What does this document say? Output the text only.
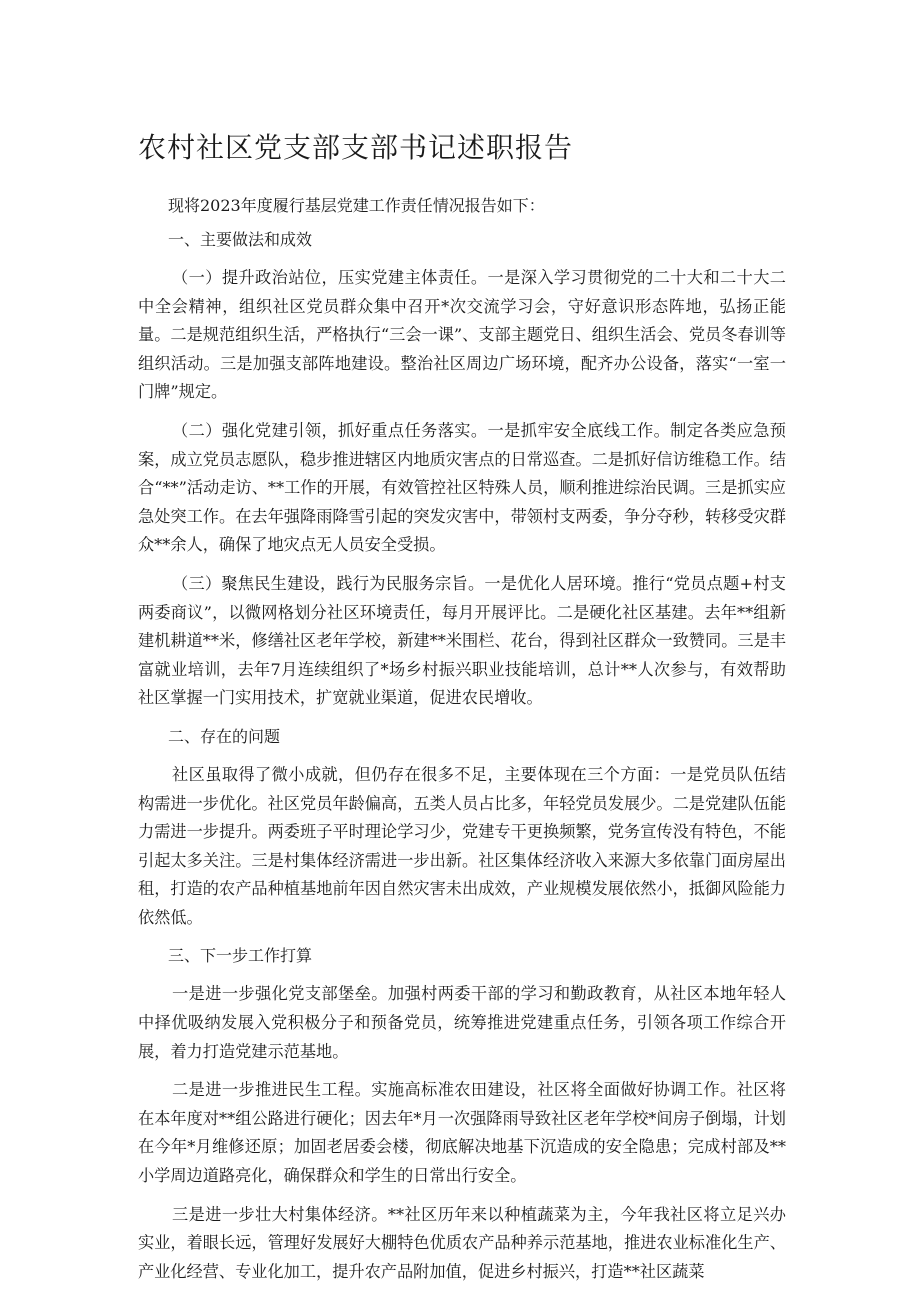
农村社区党支部支部书记述职报告

现将2023年度履行基层党建工作责任情况报告如下：

一、主要做法和成效

（一）提升政治站位，压实党建主体责任。一是深入学习贯彻党的二十大和二十大二中全会精神，组织社区党员群众集中召开*次交流学习会，守好意识形态阵地，弘扬正能量。二是规范组织生活，严格执行“三会一课”、支部主题党日、组织生活会、党员冬春训等组织活动。三是加强支部阵地建设。整治社区周边广场环境，配齐办公设备，落实“一室一门牌”规定。

（二）强化党建引领，抓好重点任务落实。一是抓牢安全底线工作。制定各类应急预案，成立党员志愿队，稳步推进辖区内地质灾害点的日常巡查。二是抓好信访维稳工作。结合“**”活动走访、**工作的开展，有效管控社区特殊人员，顺利推进综治民调。三是抓实应急处突工作。在去年强降雨降雪引起的突发灾害中，带领村支两委，争分夺秒，转移受灾群众**余人，确保了地灾点无人员安全受损。

（三）聚焦民生建设，践行为民服务宗旨。一是优化人居环境。推行“党员点题+村支两委商议”，以微网格划分社区环境责任，每月开展评比。二是硬化社区基建。去年**组新建机耕道**米，修缮社区老年学校，新建**米围栏、花台，得到社区群众一致赞同。三是丰富就业培训，去年7月连续组织了*场乡村振兴职业技能培训，总计**人次参与，有效帮助社区掌握一门实用技术，扩宽就业渠道，促进农民增收。

二、存在的问题

社区虽取得了微小成就，但仍存在很多不足，主要体现在三个方面：一是党员队伍结构需进一步优化。社区党员年龄偏高，五类人员占比多，年轻党员发展少。二是党建队伍能力需进一步提升。两委班子平时理论学习少，党建专干更换频繁，党务宣传没有特色，不能引起太多关注。三是村集体经济需进一步出新。社区集体经济收入来源大多依靠门面房屋出租，打造的农产品种植基地前年因自然灾害未出成效，产业规模发展依然小，抵御风险能力依然低。

三、下一步工作打算

一是进一步强化党支部堡垒。加强村两委干部的学习和勤政教育，从社区本地年轻人中择优吸纳发展入党积极分子和预备党员，统筹推进党建重点任务，引领各项工作综合开展，着力打造党建示范基地。

二是进一步推进民生工程。实施高标准农田建设，社区将全面做好协调工作。社区将在本年度对**组公路进行硬化；因去年*月一次强降雨导致社区老年学校*间房子倒塌，计划在今年*月维修还原；加固老居委会楼，彻底解决地基下沉造成的安全隐患；完成村部及**小学周边道路亮化，确保群众和学生的日常出行安全。

三是进一步壮大村集体经济。**社区历年来以种植蔬菜为主，今年我社区将立足兴办实业，着眼长远，管理好发展好大棚特色优质农产品种养示范基地，推进农业标准化生产、产业化经营、专业化加工，提升农产品附加值，促进乡村振兴，打造**社区蔬菜
